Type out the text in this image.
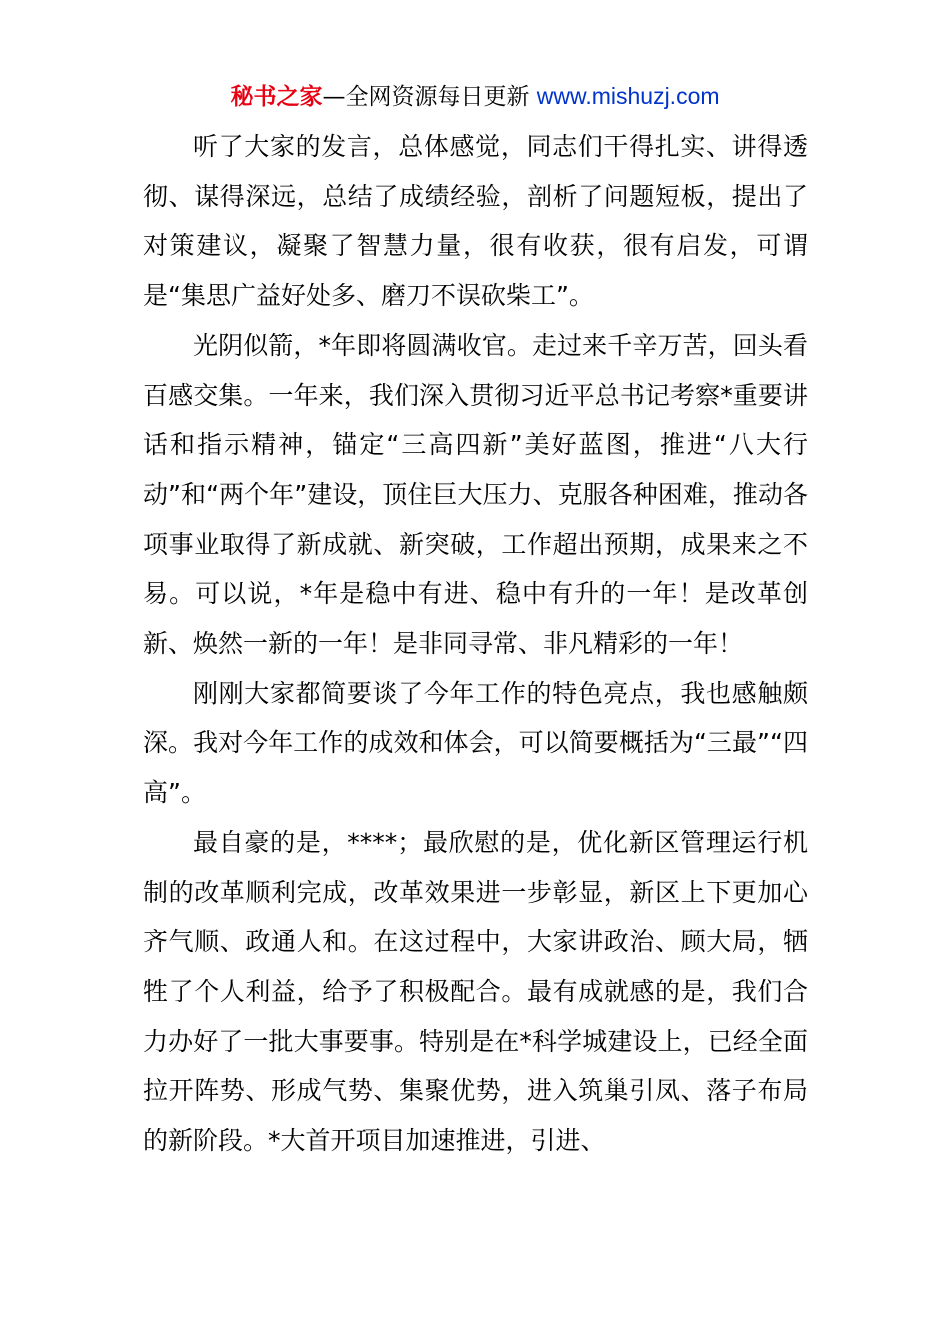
秘书之家—全网资源每日更新 www.mishuzj.com

听了大家的发言，总体感觉，同志们干得扎实、讲得透彻、谋得深远，总结了成绩经验，剖析了问题短板，提出了对策建议，凝聚了智慧力量，很有收获，很有启发，可谓是“集思广益好处多、磨刀不误砍柴工”。

光阴似箭，*年即将圆满收官。走过来千辛万苦，回头看百感交集。一年来，我们深入贯彻习近平总书记考察*重要讲话和指示精神，锚定“三高四新”美好蓝图，推进“八大行动”和“两个年”建设，顶住巨大压力、克服各种困难，推动各项事业取得了新成就、新突破，工作超出预期，成果来之不易。可以说，*年是稳中有进、稳中有升的一年！是改革创新、焕然一新的一年！是非同寻常、非凡精彩的一年！

刚刚大家都简要谈了今年工作的特色亮点，我也感触颇深。我对今年工作的成效和体会，可以简要概括为“三最”“四高”。

最自豪的是，****；最欣慰的是，优化新区管理运行机制的改革顺利完成，改革效果进一步彰显，新区上下更加心齐气顺、政通人和。在这过程中，大家讲政治、顾大局，牺牲了个人利益，给予了积极配合。最有成就感的是，我们合力办好了一批大事要事。特别是在*科学城建设上，已经全面拉开阵势、形成气势、集聚优势，进入筑巢引凤、落子布局的新阶段。*大首开项目加速推进，引进、
